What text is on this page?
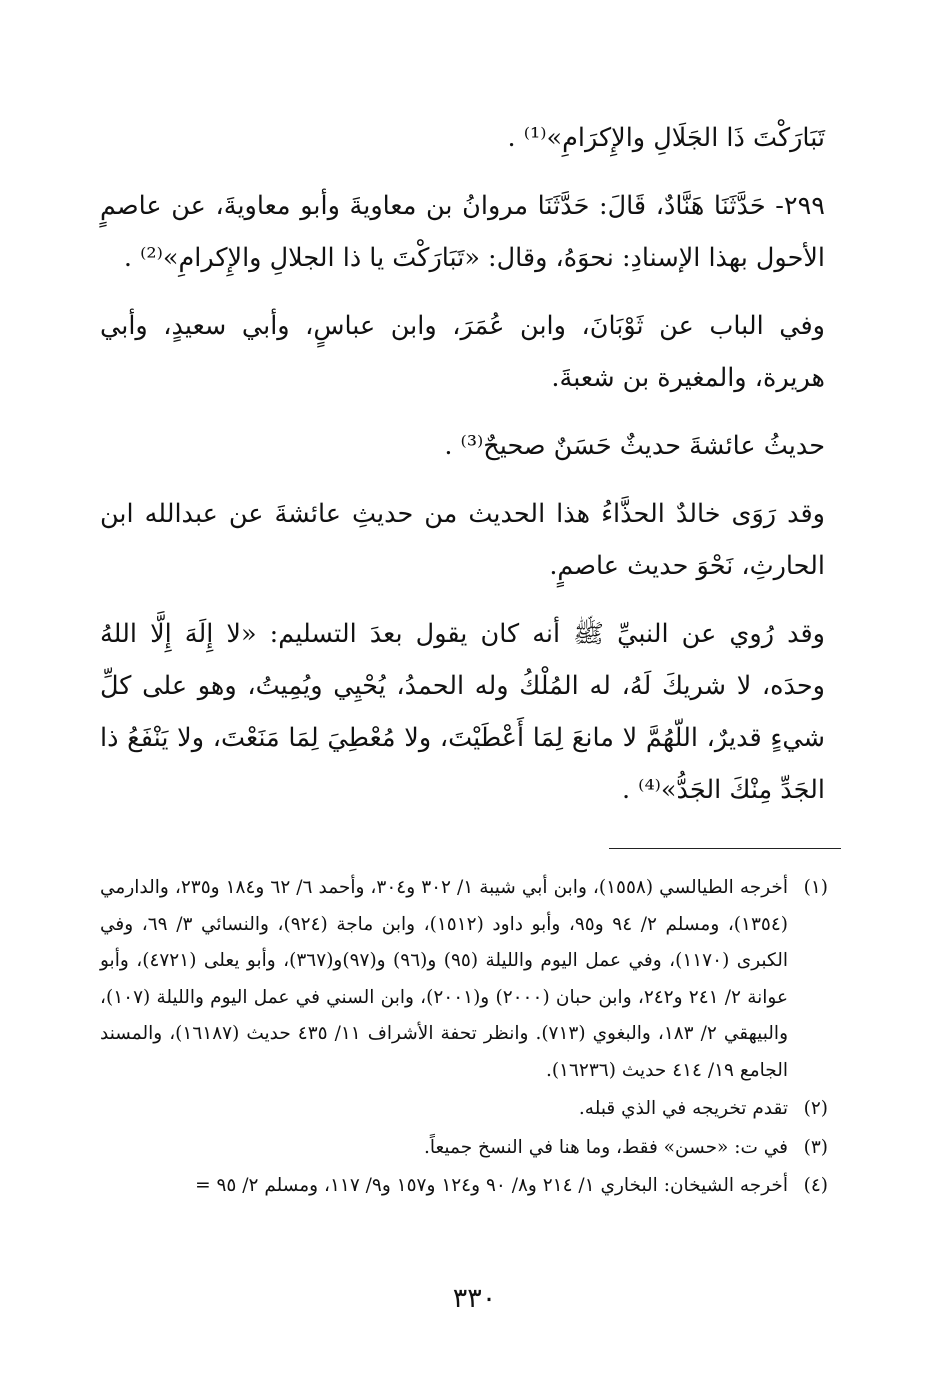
تَبَارَكْتَ ذَا الجَلَالِ والإِكرَامِ»⁽¹⁾ .

٢٩٩- حَدَّثَنَا هَنَّادٌ، قَالَ: حَدَّثَنَا مروانُ بن معاويةَ وأبو معاويةَ، عن عاصمٍ الأحول بهذا الإسنادِ: نحوَهُ، وقال: «تَبَارَكْتَ يا ذا الجلالِ والإِكرامِ»⁽²⁾ .

وفي الباب عن ثَوْبَانَ، وابن عُمَرَ، وابن عباسٍ، وأبي سعيدٍ، وأبي هريرة، والمغيرة بن شعبةَ.

حديثُ عائشةَ حديثٌ حَسَنٌ صحيحٌ⁽³⁾ .

وقد رَوَى خالدٌ الحذَّاءُ هذا الحديث من حديثِ عائشةَ عن عبدالله ابن الحارثِ، نَحْوَ حديث عاصمٍ.

وقد رُوي عن النبيِّ ﷺ أنه كان يقول بعدَ التسليم: «لا إِلَهَ إِلَّا اللهُ وحدَه، لا شريكَ لَهُ، له المُلْكُ وله الحمدُ، يُحْيِي ويُمِيتُ، وهو على كلِّ شيءٍ قديرٌ، اللّهُمَّ لا مانعَ لِمَا أَعْطَيْتَ، ولا مُعْطِيَ لِمَا مَنَعْتَ، ولا يَنْفَعُ ذا الجَدِّ مِنْكَ الجَدُّ»⁽⁴⁾ .

(١)
أخرجه الطيالسي (١٥٥٨)، وابن أبي شيبة ١/ ٣٠٢ و٣٠٤، وأحمد ٦/ ٦٢ و١٨٤ و٢٣٥، والدارمي (١٣٥٤)، ومسلم ٢/ ٩٤ و٩٥، وأبو داود (١٥١٢)، وابن ماجة (٩٢٤)، والنسائي ٣/ ٦٩، وفي الكبرى (١١٧٠)، وفي عمل اليوم والليلة (٩٥) و(٩٦) و(٩٧)و(٣٦٧)، وأبو يعلى (٤٧٢١)، وأبو عوانة ٢/ ٢٤١ و٢٤٢، وابن حبان (٢٠٠٠) و(٢٠٠١)، وابن السني في عمل اليوم والليلة (١٠٧)، والبيهقي ٢/ ١٨٣، والبغوي (٧١٣). وانظر تحفة الأشراف ١١/ ٤٣٥ حديث (١٦١٨٧)، والمسند الجامع ١٩/ ٤١٤ حديث (١٦٢٣٦).
(٢)
تقدم تخريجه في الذي قبله.
(٣)
في ت: «حسن» فقط، وما هنا في النسخ جميعاً.
(٤)
أخرجه الشيخان: البخاري ١/ ٢١٤ و٨/ ٩٠ و١٢٤ و١٥٧ و٩/ ١١٧، ومسلم ٢/ ٩٥ =
٣٣٠
